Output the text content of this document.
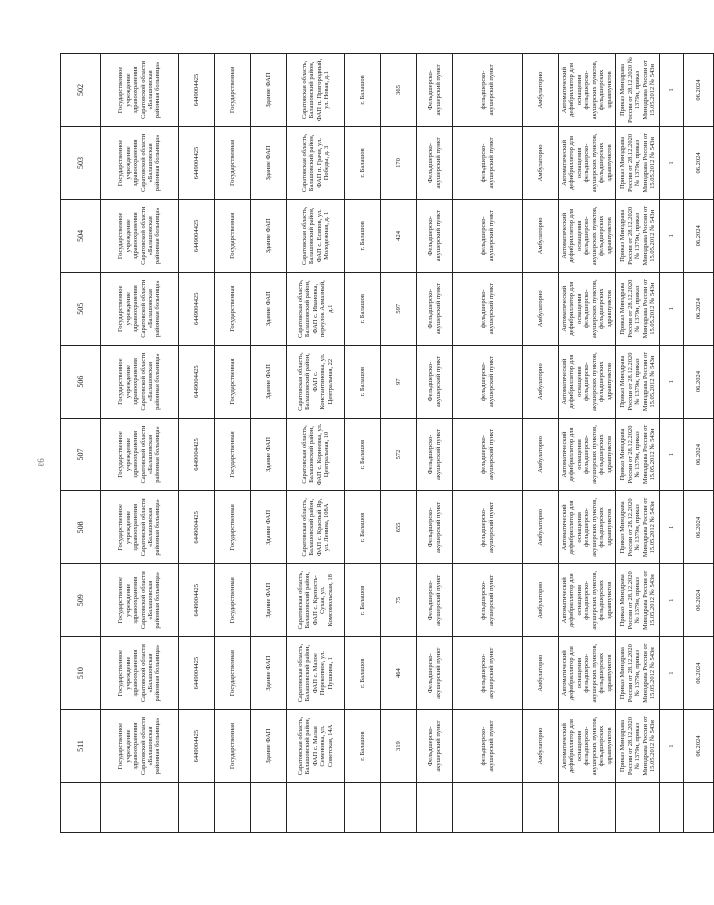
	511	510	509	508	507	506	505	504	503	502
	Государственное учреждение здравоохранения Саратовской области «Балашовская районная больница»	Государственное учреждение здравоохранения Саратовской области «Балашовская районная больница»	Государственное учреждение здравоохранения Саратовской области «Балашовская районная больница»	Государственное учреждение здравоохранения Саратовской области «Балашовская районная больница»	Государственное учреждение здравоохранения Саратовской области «Балашовская районная больница»	Государственное учреждение здравоохранения Саратовской области «Балашовская районная больница»	Государственное учреждение здравоохранения Саратовской области «Балашовская районная больница»	Государственное учреждение здравоохранения Саратовской области «Балашовская районная больница»	Государственное учреждение здравоохранения Саратовской области «Балашовская районная больница»	Государственное учреждение здравоохранения Саратовской области «Балашовская районная больница»
	6449004425	6449004425	6449004425	6449004425	6449004425	6449004425	6449004425	6449004425	6449004425	6449004425
	Государственная	Государственная	Государственная	Государственная	Государственная	Государственная	Государственная	Государственная	Государственная	Государственная
	Здание ФАП	Здание ФАП	Здание ФАП	Здание ФАП	Здание ФАП	Здание ФАП	Здание ФАП	Здание ФАП	Здание ФАП	Здание ФАП
	Саратовская область, Балашовский район, ФАП с. Малая Семеновка, ул. Советская, 14А	Саратовская область, Балашовский район, ФАП с. Малое Перекопное, ул. Пушкина, 1	Саратовская область, Балашовский район, ФАП с. Крепость-Сухая, ул. Комсомольская, 18	Саратовская область, Балашовский район, ФАП с. Красный Яр, ул. Ленина, 108А	Саратовская область, Балашовский район, ФАП с. Корнеевка, ул. Центральная, 10	Саратовская область, Балашовский район, ФАП с. Константиновка, ул. Центральная, 22	Саратовская область, Балашовский район, ФАП с. Ивановка, переулок Алмазный, д.1	Саратовская область, Балашовский район, ФАП с. Есипов, ул. Молодежная, д. 1	Саратовская область, Балашовский район, ФАП п. Грачи, ул. Победы, д. 3	Саратовская область, Балашовский район, ФАП п. Пригородный, ул. Новая, д.1
	г. Балашов	г. Балашов	г. Балашов	г. Балашов	г. Балашов	г. Балашов	г. Балашов	г. Балашов	г. Балашов	г. Балашов
	319	464	75	655	572	97	597	424	170	365
	Фельдшерско-акушерский пункт	Фельдшерско-акушерский пункт	Фельдшерско-акушерский пункт	Фельдшерско-акушерский пункт	Фельдшерско-акушерский пункт	Фельдшерско-акушерский пункт	Фельдшерско-акушерский пункт	Фельдшерско-акушерский пункт	Фельдшерско-акушерский пункт	Фельдшерско-акушерский пункт
	фельдшерско-акушерский пункт	фельдшерско-акушерский пункт	фельдшерско-акушерский пункт	фельдшерско-акушерский пункт	фельдшерско-акушерский пункт	фельдшерско-акушерский пункт	фельдшерско-акушерский пункт	фельдшерско-акушерский пункт	фельдшерско-акушерский пункт	фельдшерско-акушерский пункт
	Амбулаторно	Амбулаторно	Амбулаторно	Амбулаторно	Амбулаторно	Амбулаторно	Амбулаторно	Амбулаторно	Амбулаторно	Амбулаторно
	Автоматический дефибриллятор для оснащения фельдшерско-акушерских пунктов, фельдшерских здравпунктов	Автоматический дефибриллятор для оснащения фельдшерско-акушерских пунктов, фельдшерских здравпунктов	Автоматический дефибриллятор для оснащения фельдшерско-акушерских пунктов, фельдшерских здравпунктов	Автоматический дефибриллятор для оснащения фельдшерско-акушерских пунктов, фельдшерских здравпунктов	Автоматический дефибриллятор для оснащения фельдшерско-акушерских пунктов, фельдшерских здравпунктов	Автоматический дефибриллятор для оснащения фельдшерско-акушерских пунктов, фельдшерских здравпунктов	Автоматический дефибриллятор для оснащения фельдшерско-акушерских пунктов, фельдшерских здравпунктов	Автоматический дефибриллятор для оснащения фельдшерско-акушерских пунктов, фельдшерских здравпунктов	Автоматический дефибриллятор для оснащения фельдшерско-акушерских пунктов, фельдшерских здравпунктов	Автоматический дефибриллятор для оснащения фельдшерско-акушерских пунктов, фельдшерских здравпунктов
	Приказ Минздрава России от 28.12.2020 № 1379н, приказ Минздрава России от 15.05.2012 № 543н	Приказ Минздрава России от 28.12.2020 № 1379н, приказ Минздрава России от 15.05.2012 № 543н	Приказ Минздрава России от 28.12.2020 № 1379н, приказ Минздрава России от 15.05.2012 № 543н	Приказ Минздрава России от 28.12.2020 № 1379н, приказ Минздрава России от 15.05.2012 № 543н	Приказ Минздрава России от 28.12.2020 № 1379н, приказ Минздрава России от 15.05.2012 № 543н	Приказ Минздрава России от 28.12.2020 № 1379н, приказ Минздрава России от 15.05.2012 № 543н	Приказ Минздрава России от 28.12.2020 № 1379н, приказ Минздрава России от 15.05.2012 № 543н	Приказ Минздрава России от 28.12.2020 № 1379н, приказ Минздрава России от 15.05.2012 № 543н	Приказ Минздрава России от 28.12.2020 № 1379н, приказ Минздрава России от 15.05.2012 № 543н	Приказ Минздрава России от 28.12.2020 № 1379н, приказ Минздрава России от 15.05.2012 № 543н
	1	1	1	1	1	1	1	1	1	1
	06.2024	06.2024	06.2024	06.2024	06.2024	06.2024	06.2024	06.2024	06.2024	06.2024
ℓ6
